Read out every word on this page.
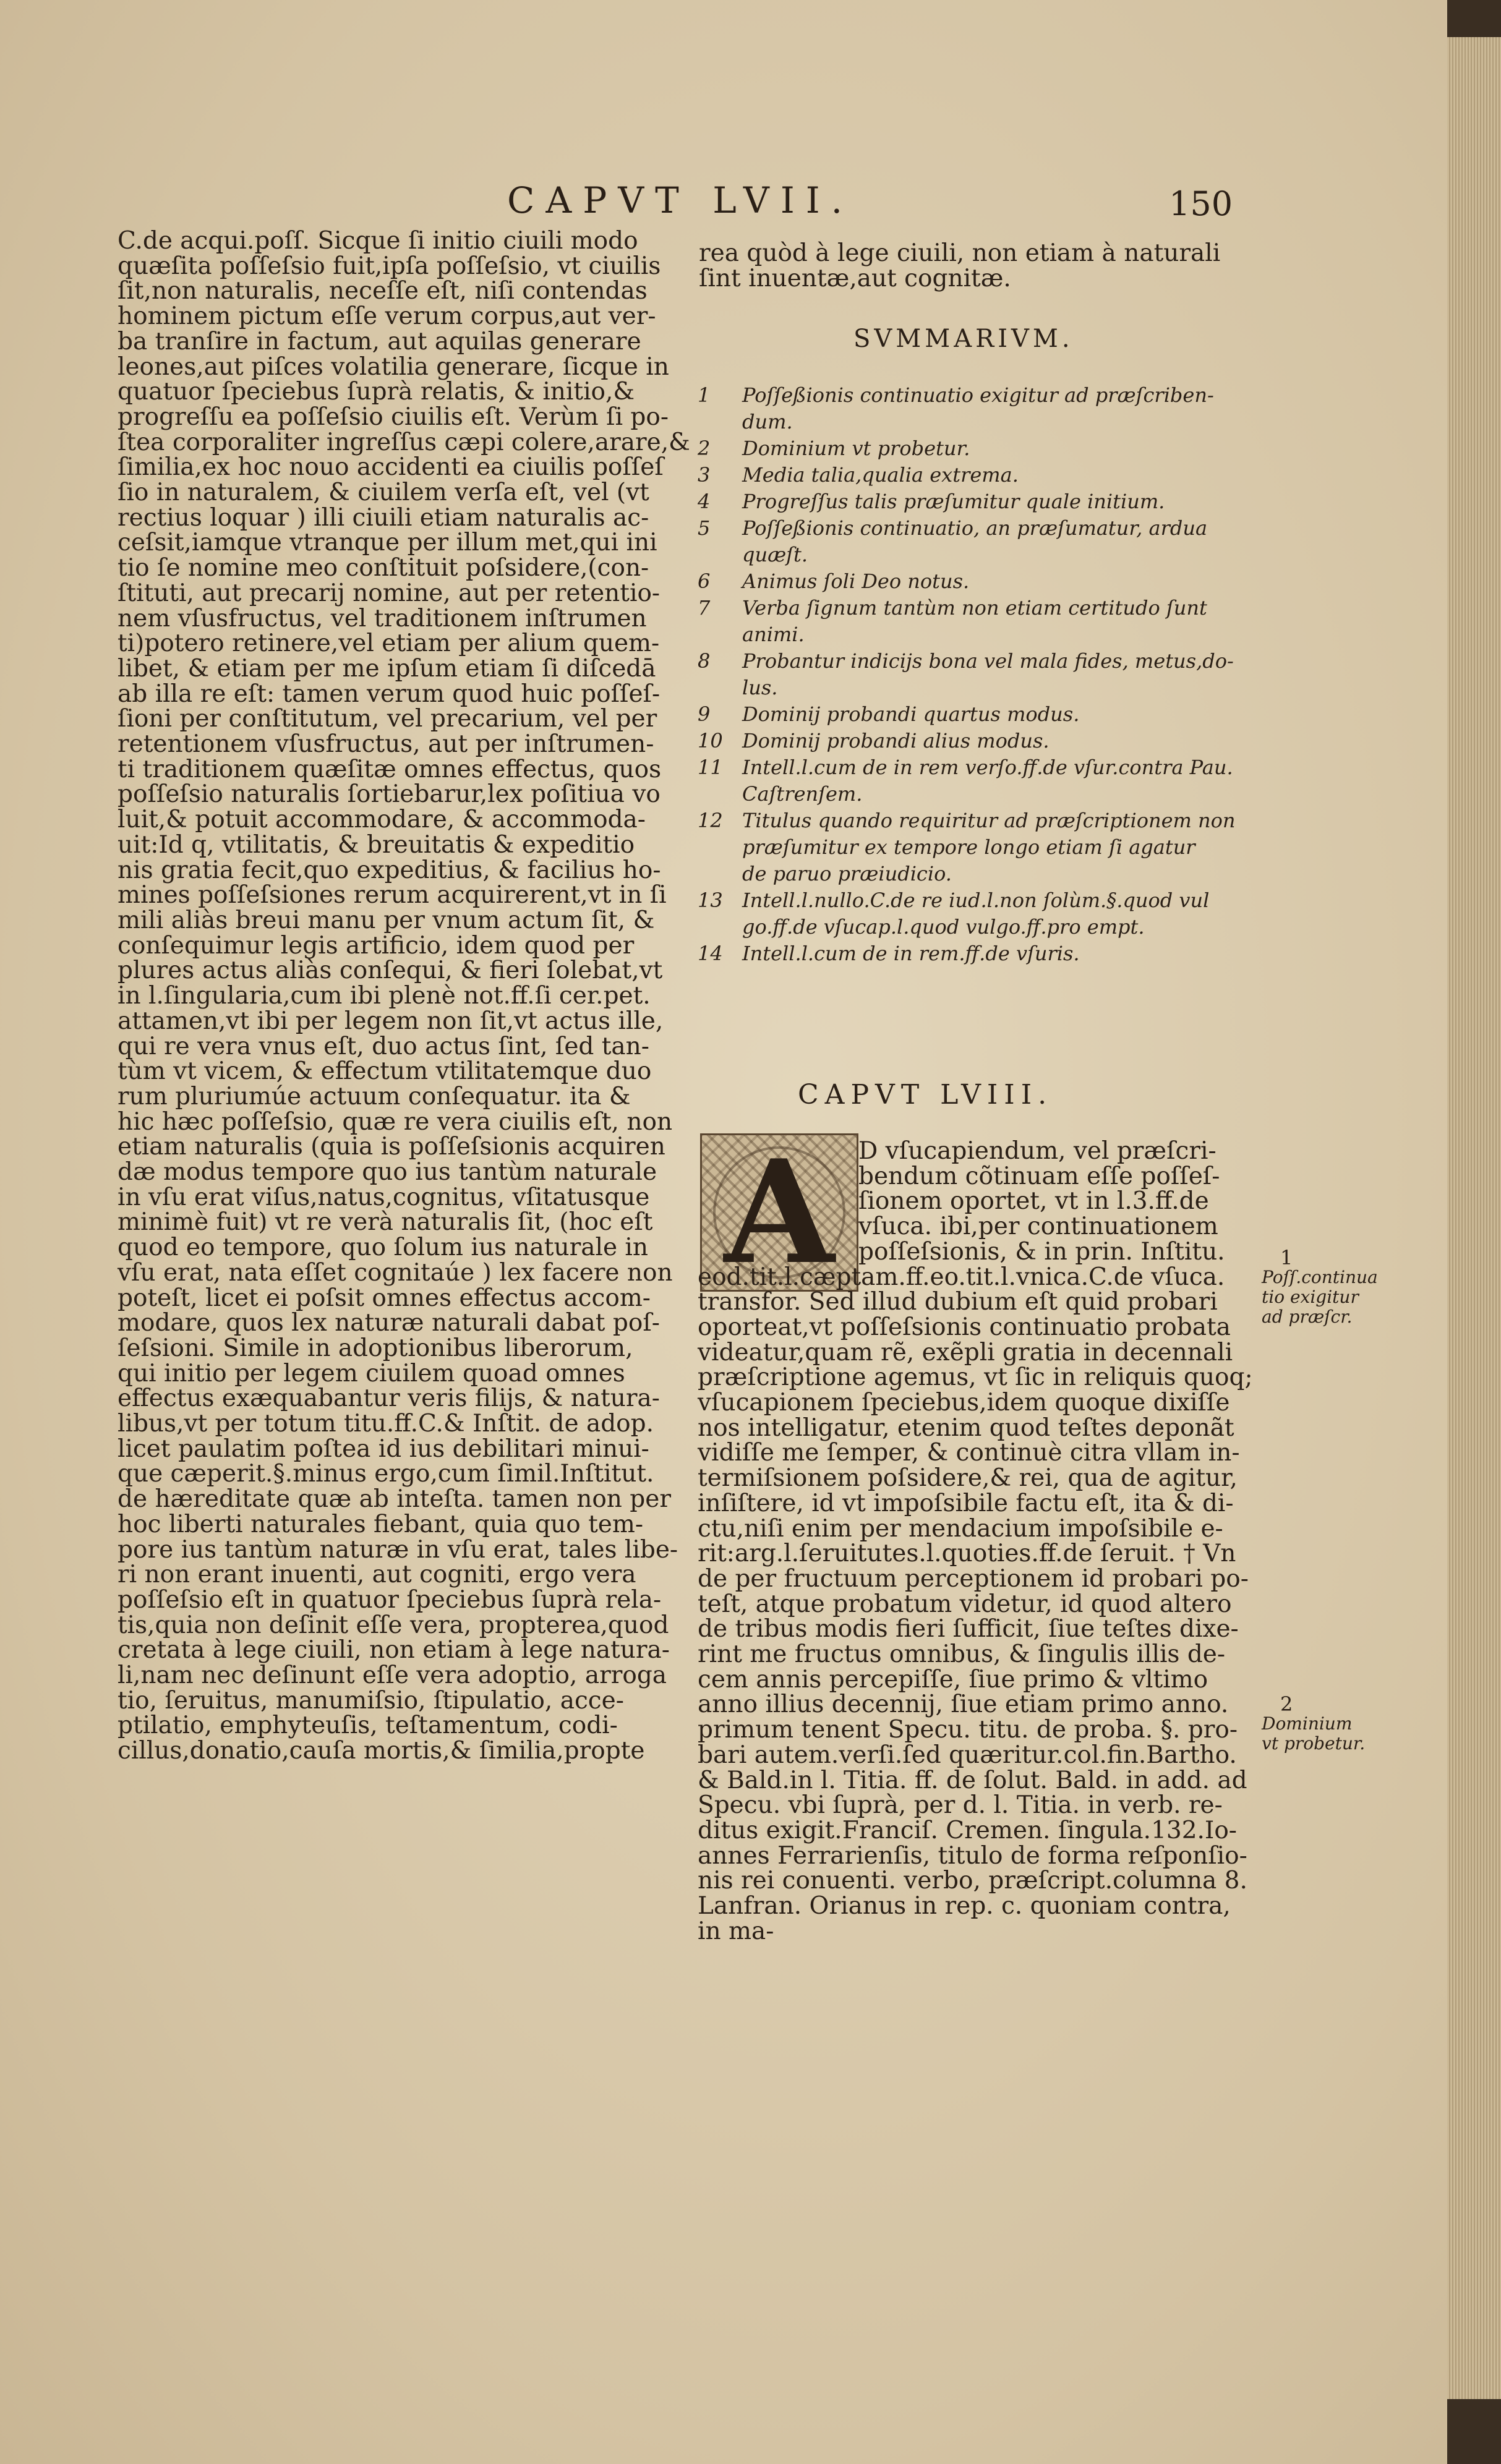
CAPVT LVII.	150
C.de acqui.poſſ. Sicque ſi initio ciuili modo
quæſita poſſeſsio fuit,ipſa poſſeſsio, vt ciuilis
ſit,non naturalis, neceſſe eſt, niſi contendas
hominem pictum eſſe verum corpus,aut ver-
ba tranſire in factum, aut aquilas generare
leones,aut piſces volatilia generare, ſicque in
quatuor ſpeciebus ſuprà relatis, & initio,&
progreſſu ea poſſeſsio ciuilis eſt. Verùm ſi po-
ſtea corporaliter ingreſſus cæpi colere,arare,&
ſimilia,ex hoc nouo accidenti ea ciuilis poſſeſ
ſio in naturalem, & ciuilem verſa eſt, vel (vt
rectius loquar ) illi ciuili etiam naturalis ac-
ceſsit,iamque vtranque per illum met,qui ini
tio ſe nomine meo conſtituit poſsidere,(con-
ſtituti, aut precarij nomine, aut per retentio-
nem vſusfructus, vel traditionem inſtrumen
ti)potero retinere,vel etiam per alium quem-
libet, & etiam per me ipſum etiam ſi diſcedā
ab illa re eſt: tamen verum quod huic poſſeſ-
ſioni per conſtitutum, vel precarium, vel per
retentionem vſusfructus, aut per inſtrumen-
ti traditionem quæſitæ omnes effectus, quos
poſſeſsio naturalis ſortiebarur,lex poſitiua vo
luit,& potuit accommodare, & accommoda-
uit:Id q, vtilitatis, & breuitatis & expeditio
nis gratia fecit,quo expeditius, & facilius ho-
mines poſſeſsiones rerum acquirerent,vt in ſi
mili aliàs breui manu per vnum actum ſit, &
conſequimur legis artificio, idem quod per
plures actus aliàs conſequi, & fieri ſolebat,vt
in l.ſingularia,cum ibi plenè not.ff.ſi cer.pet.
attamen,vt ibi per legem non ſit,vt actus ille,
qui re vera vnus eſt, duo actus ſint, ſed tan-
tùm vt vicem, & effectum vtilitatemque duo
rum pluriumúe actuum conſequatur. ita &
hic hæc poſſeſsio, quæ re vera ciuilis eſt, non
etiam naturalis (quia is poſſeſsionis acquiren
dæ modus tempore quo ius tantùm naturale
in vſu erat viſus,natus,cognitus, vſitatusque
minimè fuit) vt re verà naturalis ſit, (hoc eſt
quod eo tempore, quo ſolum ius naturale in
vſu erat, nata eſſet cognitaúe ) lex facere non
poteſt, licet ei poſsit omnes effectus accom-
modare, quos lex naturæ naturali dabat poſ-
ſeſsioni. Simile in adoptionibus liberorum,
qui initio per legem ciuilem quoad omnes
effectus exæquabantur veris filijs, & natura-
libus,vt per totum titu.ff.C.& Inſtit. de adop.
licet paulatim poſtea id ius debilitari minui-
que cæperit.§.minus ergo,cum ſimil.Inſtitut.
de hæreditate quæ ab inteſta. tamen non per
hoc liberti naturales fiebant, quia quo tem-
pore ius tantùm naturæ in vſu erat, tales libe-
ri non erant inuenti, aut cogniti, ergo vera
poſſeſsio eſt in quatuor ſpeciebus ſuprà rela-
tis,quia non deſinit eſſe vera, propterea,quod
cretata à lege ciuili, non etiam à lege natura-
li,nam nec deſinunt eſſe vera adoptio, arroga
tio, ſeruitus, manumiſsio, ſtipulatio, acce-
ptilatio, emphyteuſis, teſtamentum, codi-
cillus,donatio,cauſa mortis,& ſimilia,propte
rea quòd à lege ciuili, non etiam à naturali
ſint inuentæ,aut cognitæ.
SVMMARIVM.
1	Poſſeßionis continuatio exigitur ad præſcriben-
dum.
2	Dominium vt probetur.
3	Media talia,qualia extrema.
4	Progreſſus talis præſumitur quale initium.
5	Poſſeßionis continuatio, an præſumatur, ardua
quæſt.
6	Animus ſoli Deo notus.
7	Verba ſignum tantùm non etiam certitudo ſunt
animi.
8	Probantur indicijs bona vel mala fides, metus,do-
lus.
9	Dominij probandi quartus modus.
10 Dominij probandi alius modus.
11 Intell.l.cum de in rem verſo.ff.de vſur.contra Pau.
Caſtrenſem.
12 Titulus quando requiritur ad præſcriptionem non
præſumitur ex tempore longo etiam ſi agatur
de paruo præiudicio.
13 Intell.l.nullo.C.de re iud.l.non ſolùm.§.quod vul
go.ff.de vſucap.l.quod vulgo.ff.pro empt.
14 Intell.l.cum de in rem.ff.de vſuris.
CAPVT LVIII.
A D vſucapiendum, vel præſcri-
bendum cõtinuam eſſe poſſeſ-
ſionem oportet, vt in l.3.ff.de
vſuca. ibi,per continuationem
poſſeſsionis, & in prin. Inſtitu.
eod.tit.l.cæptam.ff.eo.tit.l.vnica.C.de vſuca.
transfor. Sed illud dubium eſt quid probari
oporteat,vt poſſeſsionis continuatio probata
videatur,quam rẽ, exẽpli gratia in decennali
præſcriptione agemus, vt ſic in reliquis quoq;
vſucapionem ſpeciebus,idem quoque dixiſſe
nos intelligatur, etenim quod teſtes deponãt
vidiſſe me ſemper, & continuè citra vllam in-
termiſsionem poſsidere,& rei, qua de agitur,
inſiſtere, id vt impoſsibile factu eſt, ita & di-
ctu,niſi enim per mendacium impoſsibile e-
rit:arg.l.ſeruitutes.l.quoties.ff.de ſeruit. † Vn
de per fructuum perceptionem id probari po-
teſt, atque probatum videtur, id quod altero
de tribus modis fieri ſufficit, ſiue teſtes dixe-
rint me fructus omnibus, & ſingulis illis de-
cem annis percepiſſe, ſiue primo & vltimo
anno illius decennij, ſiue etiam primo anno.
primum tenent Specu. titu. de proba. §. pro-
bari autem.verſi.ſed quæritur.col.fin.Bartho.
& Bald.in l. Titia. ff. de ſolut. Bald. in add. ad
Specu. vbi ſuprà, per d. l. Titia. in verb. re-
ditus exigit.Franciſ. Cremen. ſingula.132.Io-
annes Ferrarienſis, titulo de forma reſponſio-
nis rei conuenti. verbo, præſcript.columna 8.
Lanfran. Orianus in rep. c. quoniam contra,
in ma-
1
Poſſ.continua
tio exigitur
ad præſcr.
2
Dominium
vt probetur.
